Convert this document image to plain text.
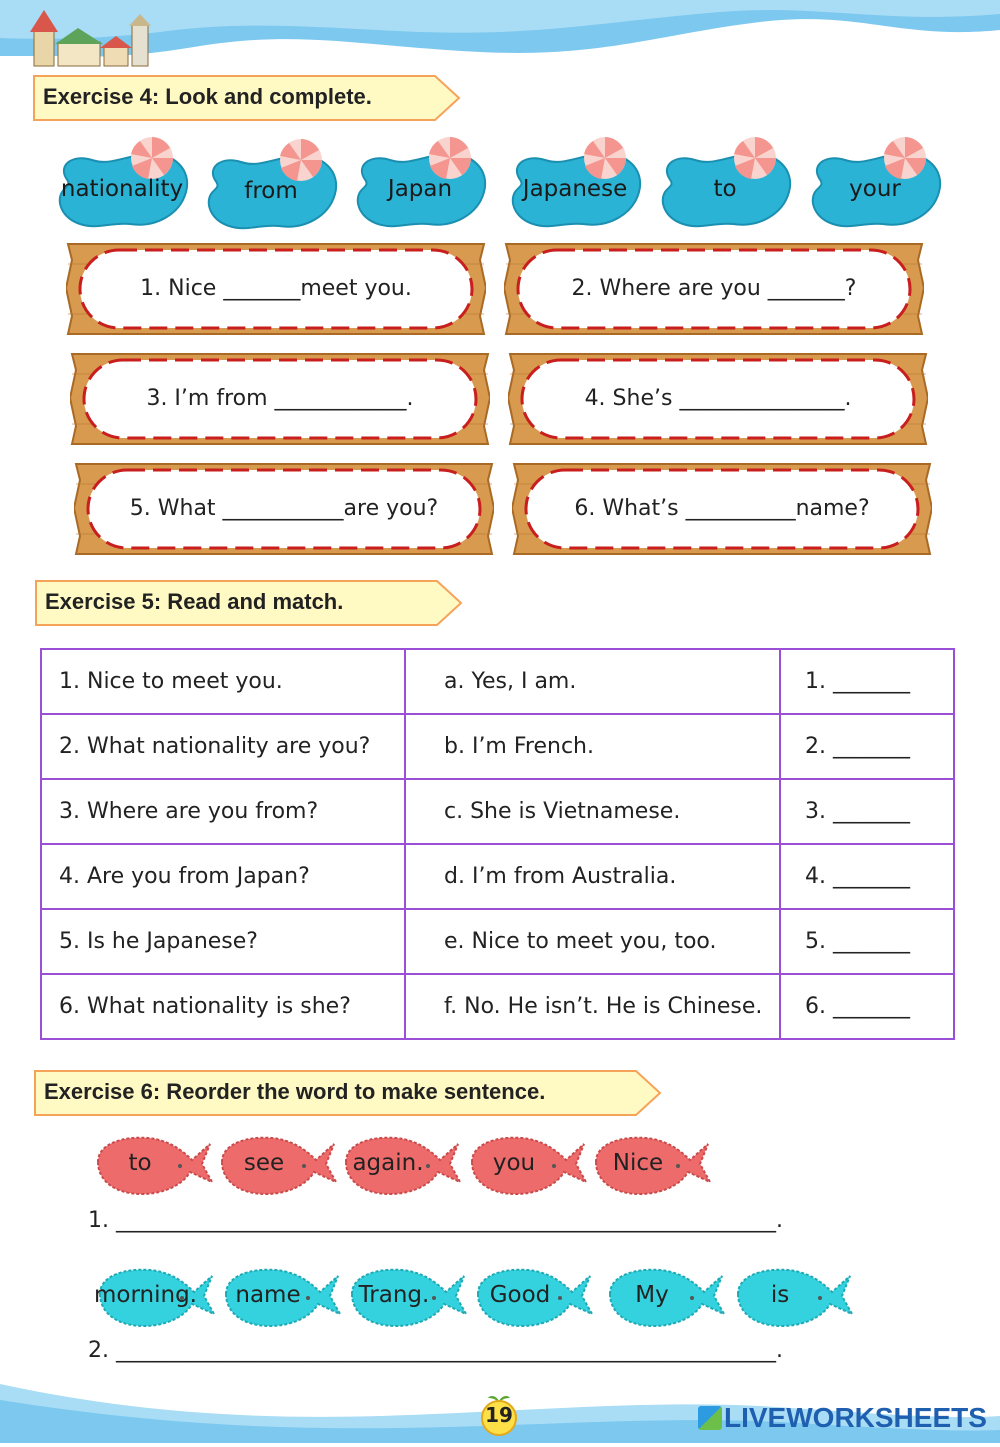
Exercise 4: Look and complete.
nationality	from	Japan	Japanese	to	your
1. Nice _______meet you.	2. Where are you _______?
3. I’m from ____________.	4. She’s _______________.
5. What ___________are you?	6. What’s __________name?
Exercise 5: Read and match.
1. Nice to meet you.	a. Yes, I am.	1. _______
2. What nationality are you?	b. I’m French.	2. _______
3. Where are you from?	c. She is Vietnamese.	3. _______
4. Are you from Japan?	d. I’m from Australia.	4. _______
5. Is he Japanese?	e. Nice to meet you, too.	5. _______
6. What nationality is she?	f. No. He isn’t. He is Chinese.	6. _______
Exercise 6: Reorder the word to make sentence.
to	see	again.	you	Nice
morning.	name	Trang.	Good	My	is
1. ____________________________________________________________.
2. ____________________________________________________________.
19	LIVEWORKSHEETS
